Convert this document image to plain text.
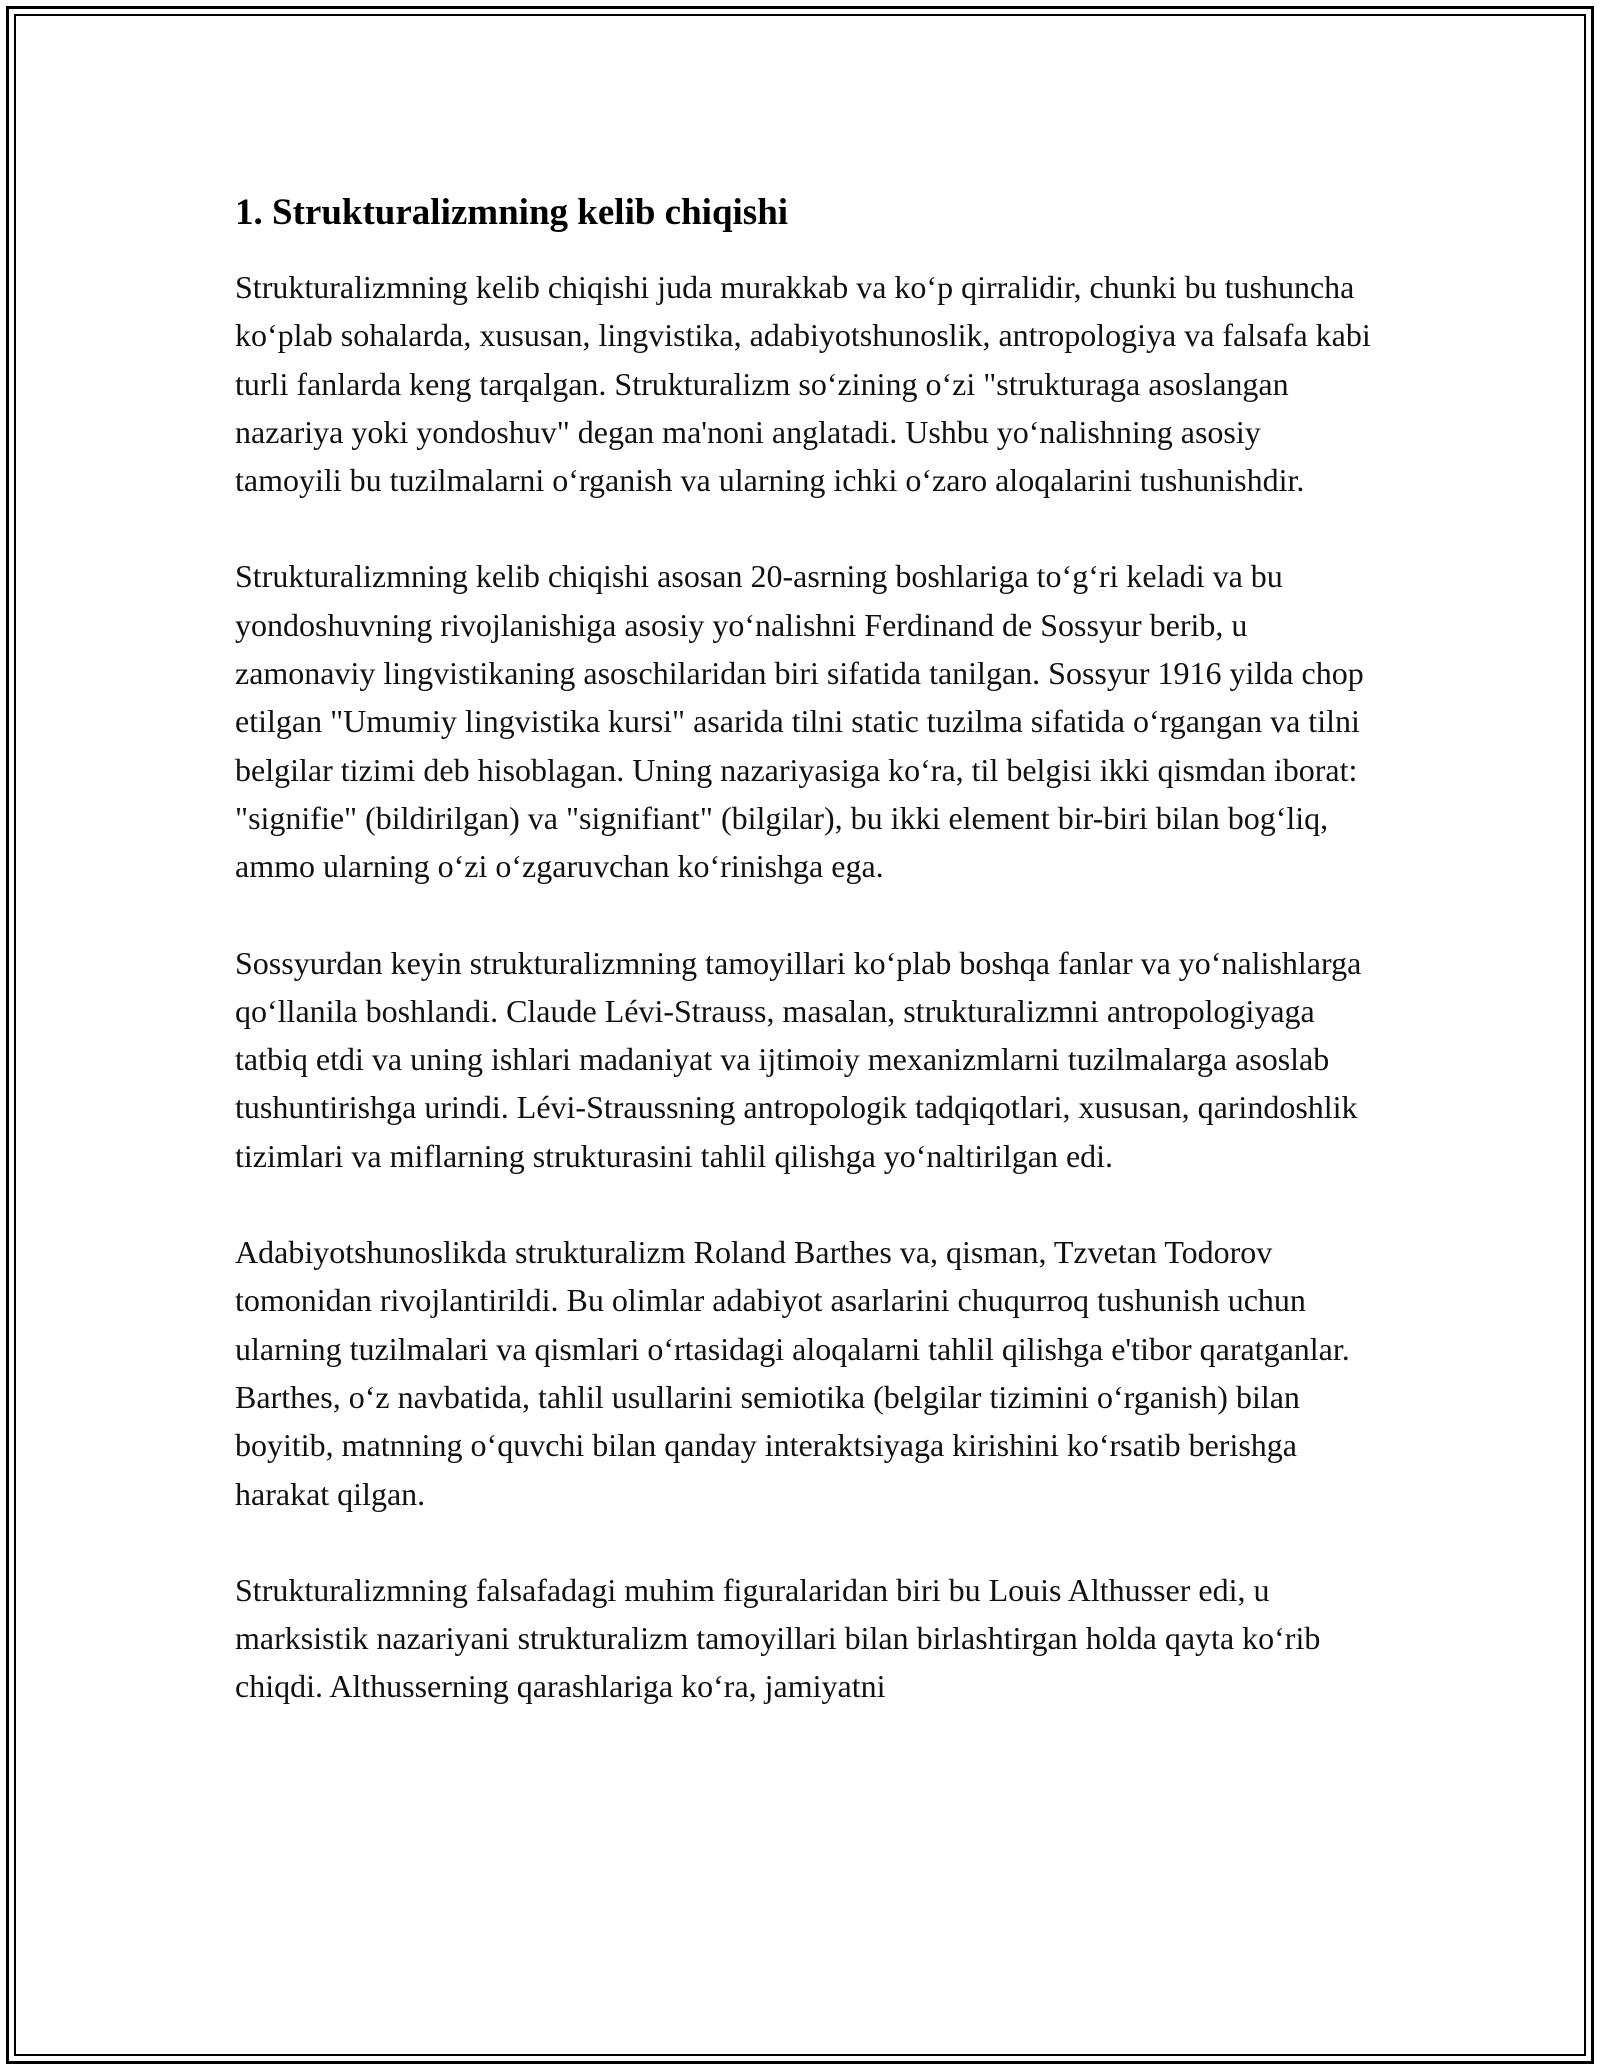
1. Strukturalizmning kelib chiqishi

Strukturalizmning kelib chiqishi juda murakkab va ko‘p qirralidir, chunki bu tushuncha ko‘plab sohalarda, xususan, lingvistika, adabiyotshunoslik, antropologiya va falsafa kabi turli fanlarda keng tarqalgan. Strukturalizm so‘zining o‘zi "strukturaga asoslangan nazariya yoki yondoshuv" degan ma'noni anglatadi. Ushbu yo‘nalishning asosiy tamoyili bu tuzilmalarni o‘rganish va ularning ichki o‘zaro aloqalarini tushunishdir.

Strukturalizmning kelib chiqishi asosan 20-asrning boshlariga to‘g‘ri keladi va bu yondoshuvning rivojlanishiga asosiy yo‘nalishni Ferdinand de Sossyur berib, u zamonaviy lingvistikaning asoschilaridan biri sifatida tanilgan. Sossyur 1916 yilda chop etilgan "Umumiy lingvistika kursi" asarida tilni static tuzilma sifatida o‘rgangan va tilni belgilar tizimi deb hisoblagan. Uning nazariyasiga ko‘ra, til belgisi ikki qismdan iborat: "signifie" (bildirilgan) va "signifiant" (bilgilar), bu ikki element bir-biri bilan bog‘liq, ammo ularning o‘zi o‘zgaruvchan ko‘rinishga ega.

Sossyurdan keyin strukturalizmning tamoyillari ko‘plab boshqa fanlar va yo‘nalishlarga qo‘llanila boshlandi. Claude Lévi-Strauss, masalan, strukturalizmni antropologiyaga tatbiq etdi va uning ishlari madaniyat va ijtimoiy mexanizmlarni tuzilmalarga asoslab tushuntirishga urindi. Lévi-Straussning antropologik tadqiqotlari, xususan, qarindoshlik tizimlari va miflarning strukturasini tahlil qilishga yo‘naltirilgan edi.

Adabiyotshunoslikda strukturalizm Roland Barthes va, qisman, Tzvetan Todorov tomonidan rivojlantirildi. Bu olimlar adabiyot asarlarini chuqurroq tushunish uchun ularning tuzilmalari va qismlari o‘rtasidagi aloqalarni tahlil qilishga e'tibor qaratganlar. Barthes, o‘z navbatida, tahlil usullarini semiotika (belgilar tizimini o‘rganish) bilan boyitib, matnning o‘quvchi bilan qanday interaktsiyaga kirishini ko‘rsatib berishga harakat qilgan.

Strukturalizmning falsafadagi muhim figuralaridan biri bu Louis Althusser edi, u marksistik nazariyani strukturalizm tamoyillari bilan birlashtirgan holda qayta ko‘rib chiqdi. Althusserning qarashlariga ko‘ra, jamiyatni
